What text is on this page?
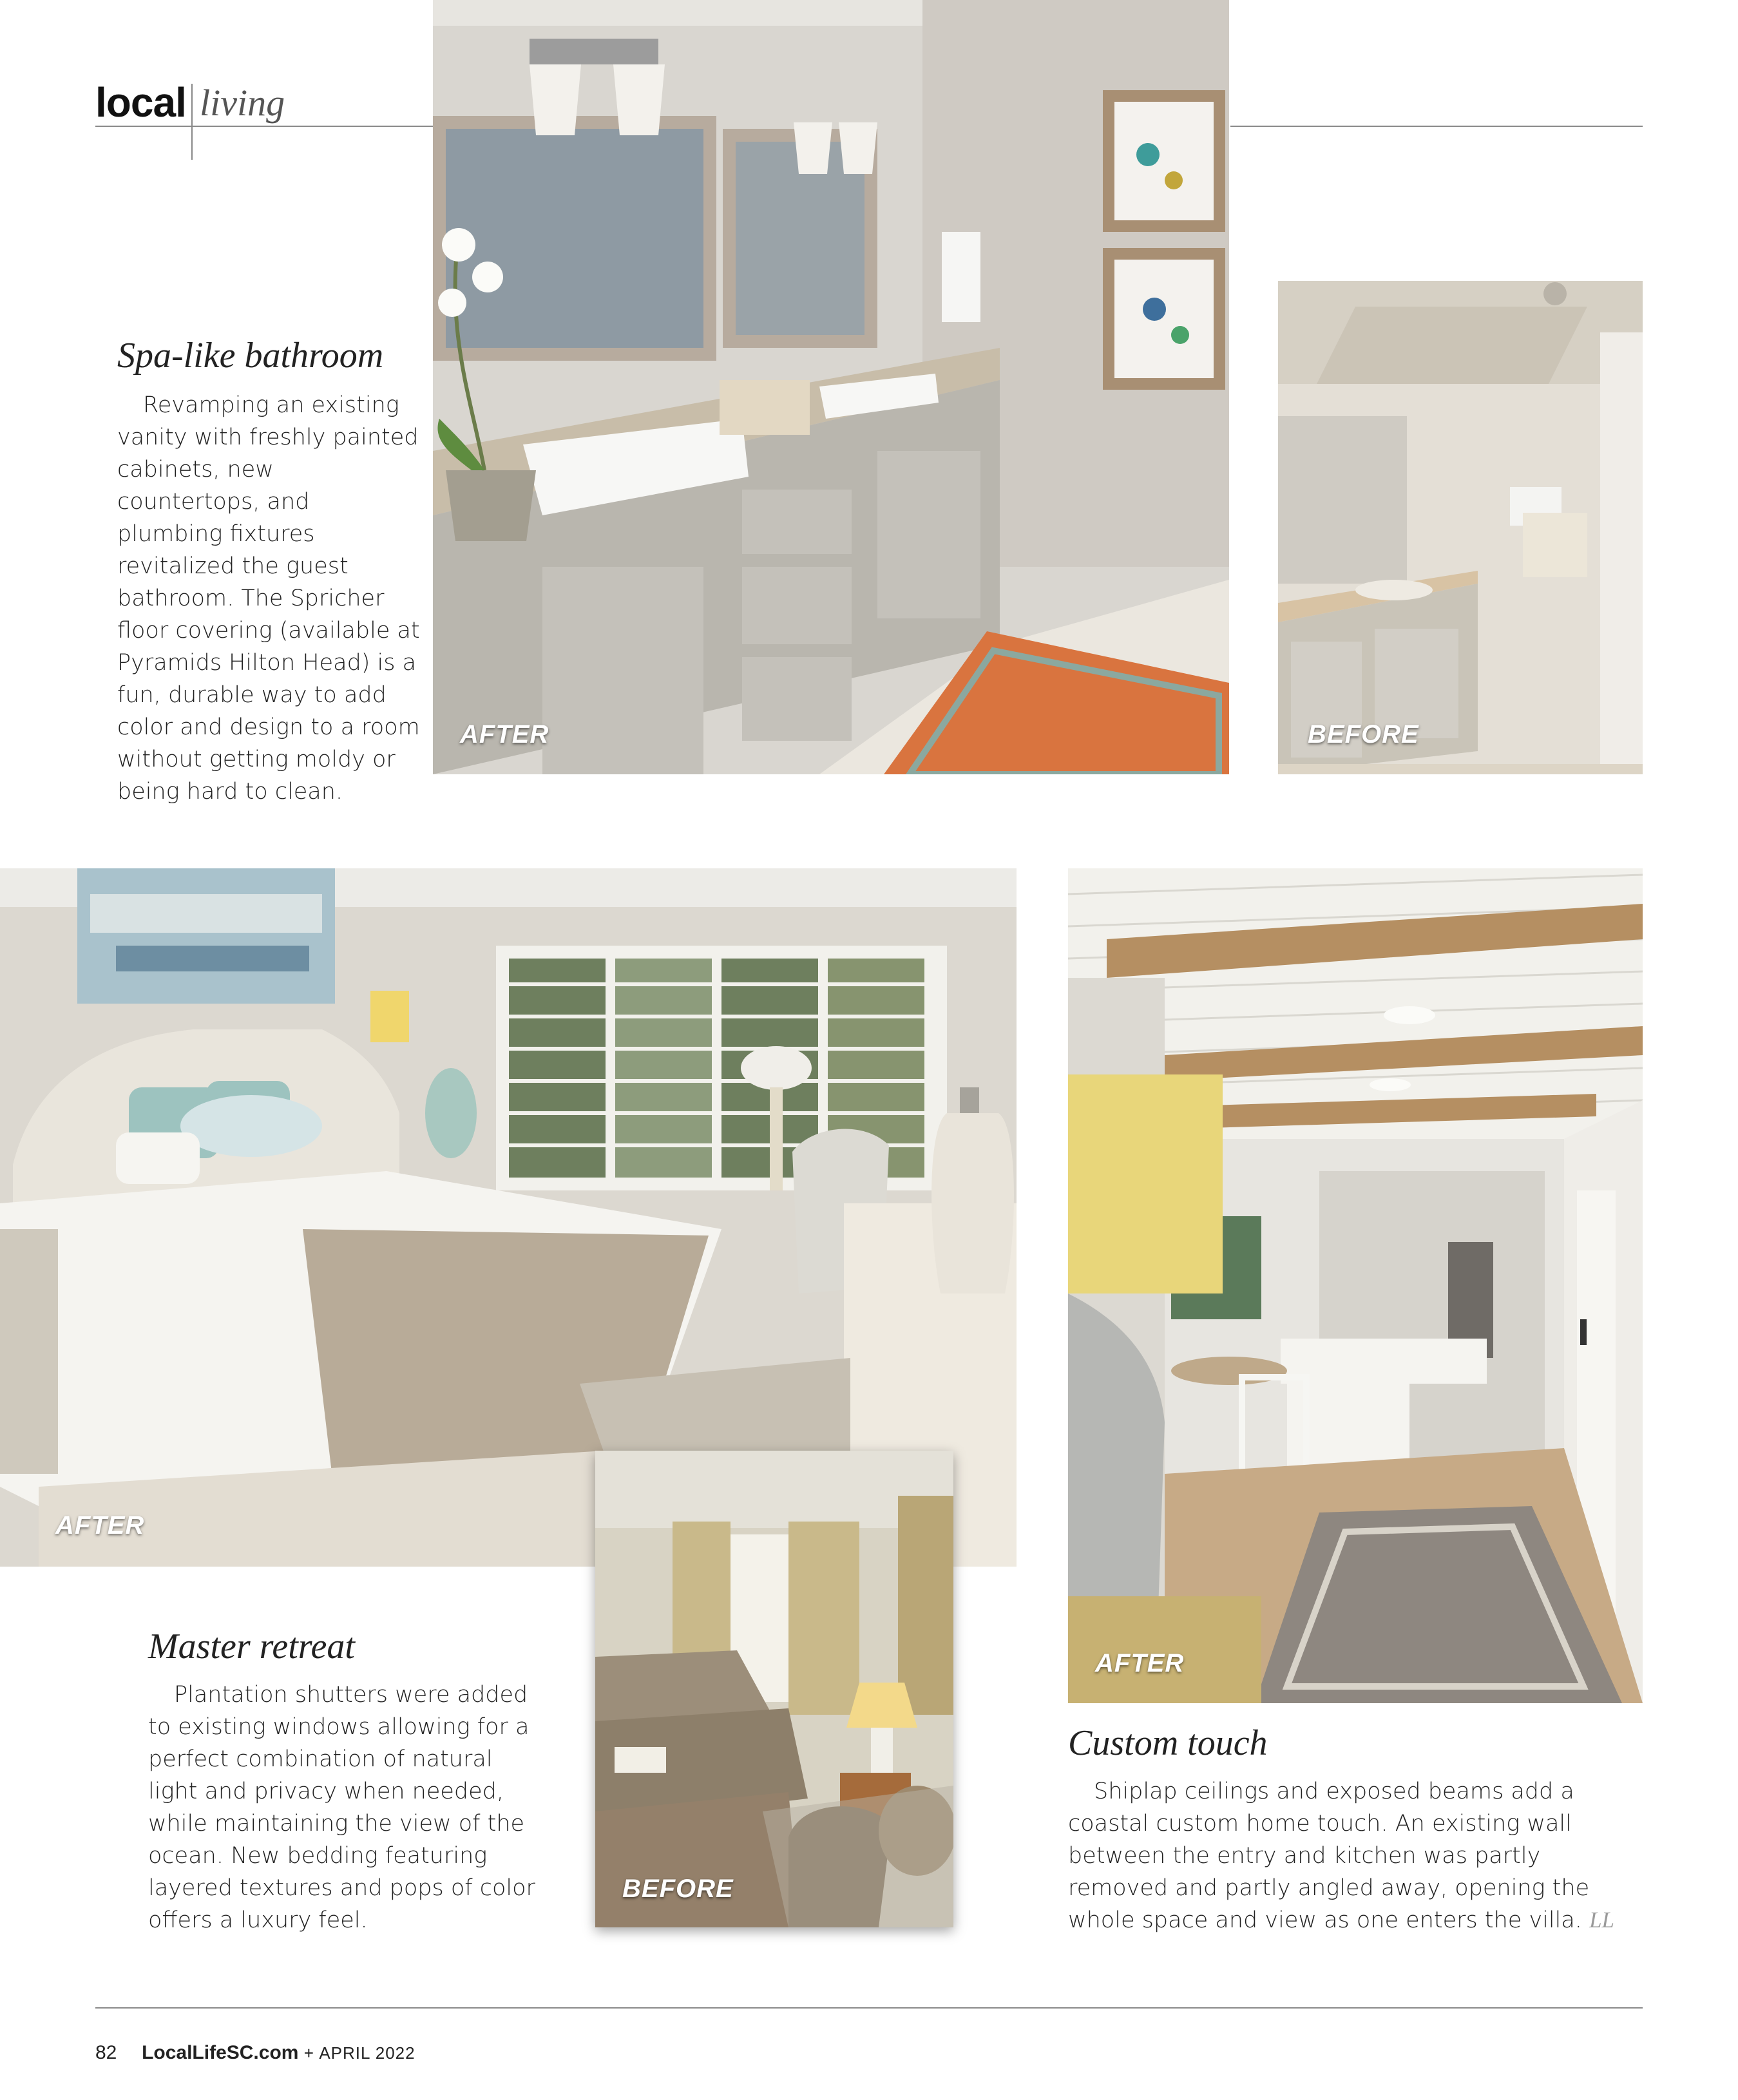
local living
AFTER	BEFORE
Spa-like bathroom

Revamping an existing vanity with freshly painted cabinets, new countertops, and plumbing fixtures revitalized the guest bathroom. The Spricher floor covering (available at Pyramids Hilton Head) is a fun, durable way to add color and design to a room without getting moldy or being hard to clean.

AFTER
BEFORE
Master retreat

Plantation shutters were added to existing windows allowing for a perfect combination of natural light and privacy when needed, while maintaining the view of the ocean. New bedding featuring layered textures and pops of color offers a luxury feel.

AFTER
Custom touch

Shiplap ceilings and exposed beams add a coastal custom home touch. An existing wall between the entry and kitchen was partly removed and partly angled away, opening the whole space and view as one enters the villa. LL

82 LocalLifeSC.com + APRIL 2022
